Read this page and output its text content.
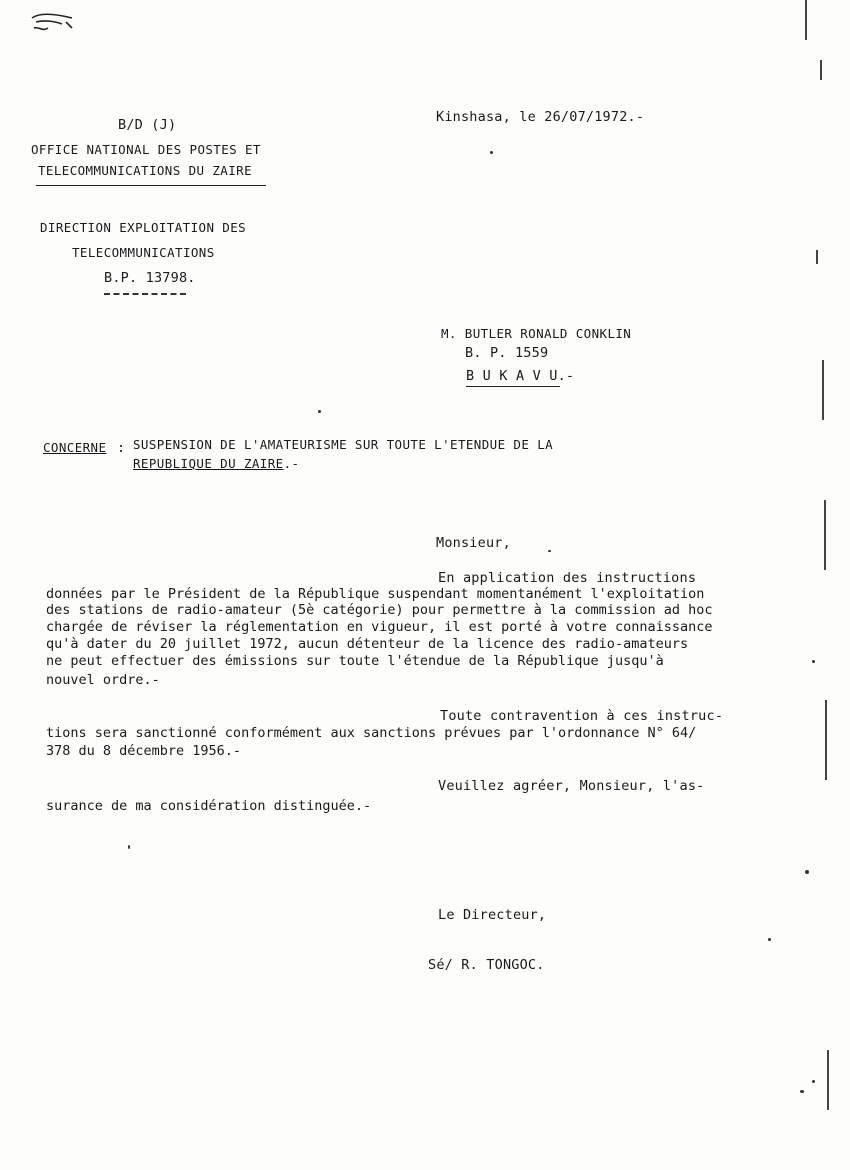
B/D (J)
OFFICE NATIONAL DES POSTES ET
TELECOMMUNICATIONS DU ZAIRE
DIRECTION EXPLOITATION DES
TELECOMMUNICATIONS
B.P. 13798.
Kinshasa, le 26/07/1972.-
M. BUTLER RONALD CONKLIN
B. P. 1559
B U K A V U.-
CONCERNE : SUSPENSION DE L'AMATEURISME SUR TOUTE L'ETENDUE DE LA
REPUBLIQUE DU ZAIRE.-
Monsieur,
En application des instructions
données par le Président de la République suspendant momentanément l'exploitation
des stations de radio-amateur (5è catégorie) pour permettre à la commission ad hoc
chargée de réviser la réglementation en vigueur, il est porté à votre connaissance
qu'à dater du 20 juillet 1972, aucun détenteur de la licence des radio-amateurs
ne peut effectuer des émissions sur toute l'étendue de la République jusqu'à
nouvel ordre.-
Toute contravention à ces instruc-
tions sera sanctionné conformément aux sanctions prévues par l'ordonnance N° 64/
378 du 8 décembre 1956.-
Veuillez agréer, Monsieur, l'as-
surance de ma considération distinguée.-
Le Directeur,
Sé/ R. TONGOC.
